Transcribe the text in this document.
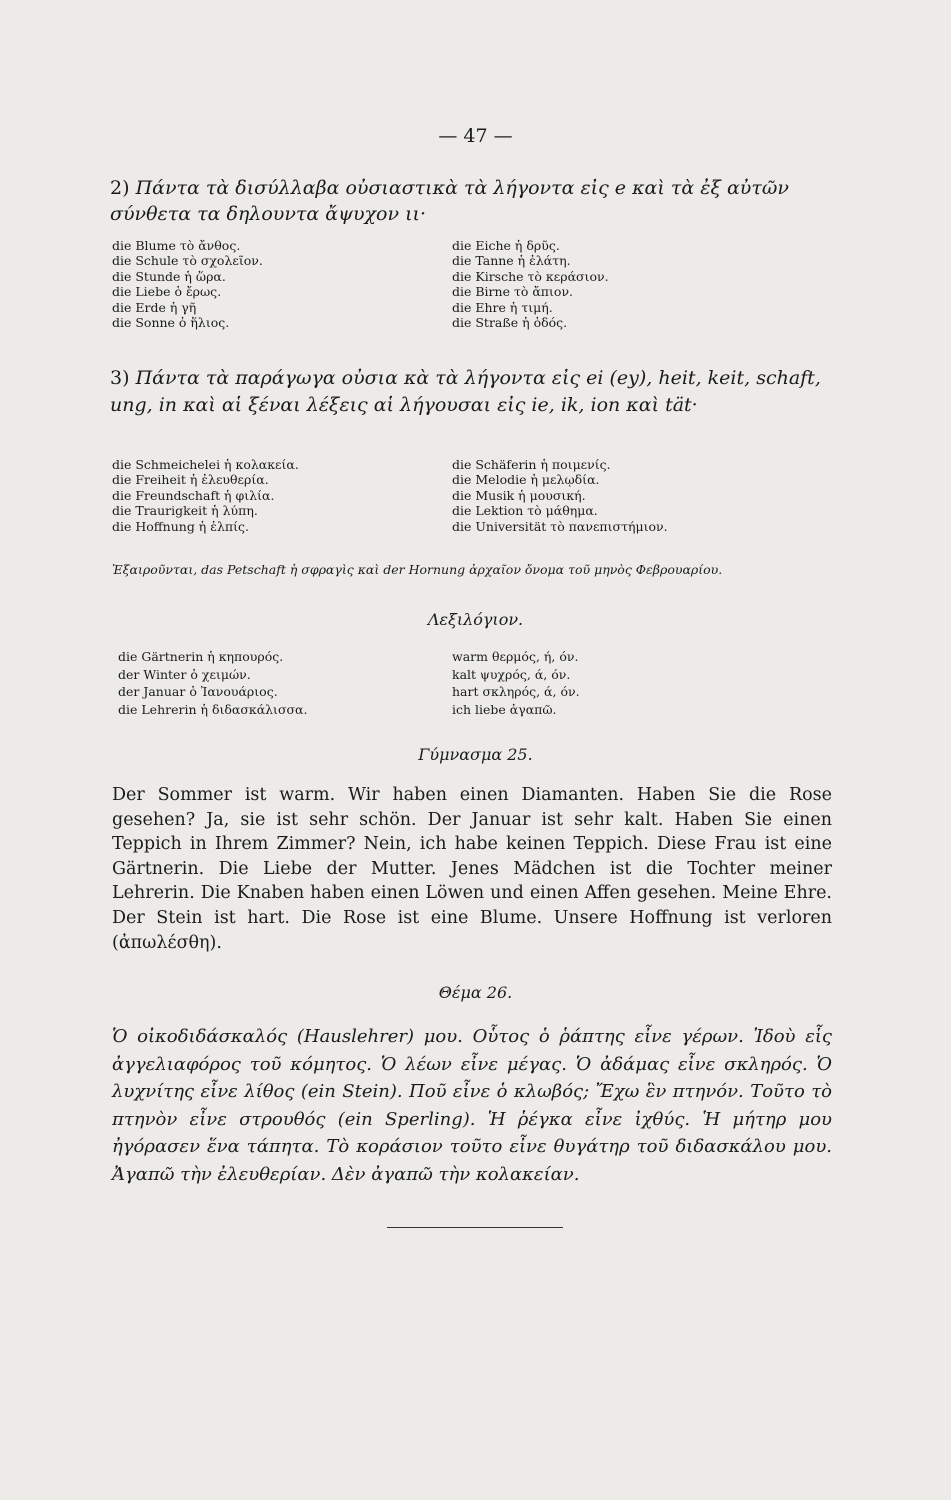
— 47 —
2) Πάντα τὰ δισύλλαβα οὐσιαστικὰ τὰ λήγοντα εἰς e καὶ τὰ ἐξ αὐτῶν σύνθετα τα δηλουντα ἄψυχον ιι·
die Blume τὸ ἄνθος.
die Schule τὸ σχολεῖον.
die Stunde ἡ ὥρα.
die Liebe ὁ ἔρως.
die Erde ἡ γῆ
die Sonne ὁ ἥλιος.
die Eiche ἡ δρῦς.
die Tanne ἡ ἐλάτη.
die Kirsche τὸ κεράσιον.
die Birne τὸ ἄπιον.
die Ehre ἡ τιμή.
die Straße ἡ ὁδός.
3) Πάντα τὰ παράγωγα οὐσια κὰ τὰ λήγοντα εἰς ei (ey), heit, keit, schaft, ung, in καὶ αἱ ξέναι λέξεις αἱ λήγουσαι εἰς ie, ik, ion καὶ tät·
die Schmeichelei ἡ κολακεία.
die Freiheit ἡ ἐλευθερία.
die Freundschaft ἡ φιλία.
die Traurigkeit ἡ λύπη.
die Hoffnung ἡ ἐλπίς.
die Schäferin ἡ ποιμενίς.
die Melodie ἡ μελῳδία.
die Musik ἡ μουσική.
die Lektion τὸ μάθημα.
die Universität τὸ πανεπιστήμιον.
Ἐξαιροῦνται, das Petschaft ἡ σφραγὶς καὶ der Hornung ἀρχαῖον ὄνομα τοῦ μηνὸς Φεβρουαρίου.
Λεξιλόγιον.
die Gärtnerin ἡ κηπουρός.
der Winter ὁ χειμών.
der Januar ὁ Ἰανουάριος.
die Lehrerin ἡ διδασκάλισσα.
warm θερμός, ή, όν.
kalt ψυχρός, ά, όν.
hart σκληρός, ά, όν.
ich liebe ἀγαπῶ.
Γύμνασμα 25.
Der Sommer ist warm. Wir haben einen Diamanten. Haben Sie die Rose gesehen? Ja, sie ist sehr schön. Der Januar ist sehr kalt. Haben Sie einen Teppich in Ihrem Zimmer? Nein, ich habe keinen Teppich. Diese Frau ist eine Gärtnerin. Die Liebe der Mutter. Jenes Mädchen ist die Tochter meiner Lehrerin. Die Knaben haben einen Löwen und einen Affen gesehen. Meine Ehre. Der Stein ist hart. Die Rose ist eine Blume. Unsere Hoffnung ist verloren (ἀπωλέσθη).
Θέμα 26.
Ὁ οἰκοδιδάσκαλός (Hauslehrer) μου. Οὗτος ὁ ῥάπτης εἶνε γέρων. Ἰδοὺ εἷς ἀγγελιαφόρος τοῦ κόμητος. Ὁ λέων εἶνε μέγας. Ὁ ἀδάμας εἶνε σκληρός. Ὁ λυχνίτης εἶνε λίθος (ein Stein). Ποῦ εἶνε ὁ κλωβός; Ἔχω ἓν πτηνόν. Τοῦτο τὸ πτηνὸν εἶνε στρουθός (ein Sperling). Ἡ ῥέγκα εἶνε ἰχθύς. Ἡ μήτηρ μου ἠγόρασεν ἕνα τάπητα. Τὸ κοράσιον τοῦτο εἶνε θυγάτηρ τοῦ διδασκάλου μου. Ἀγαπῶ τὴν ἐλευθερίαν. Δὲν ἀγαπῶ τὴν κολακείαν.
